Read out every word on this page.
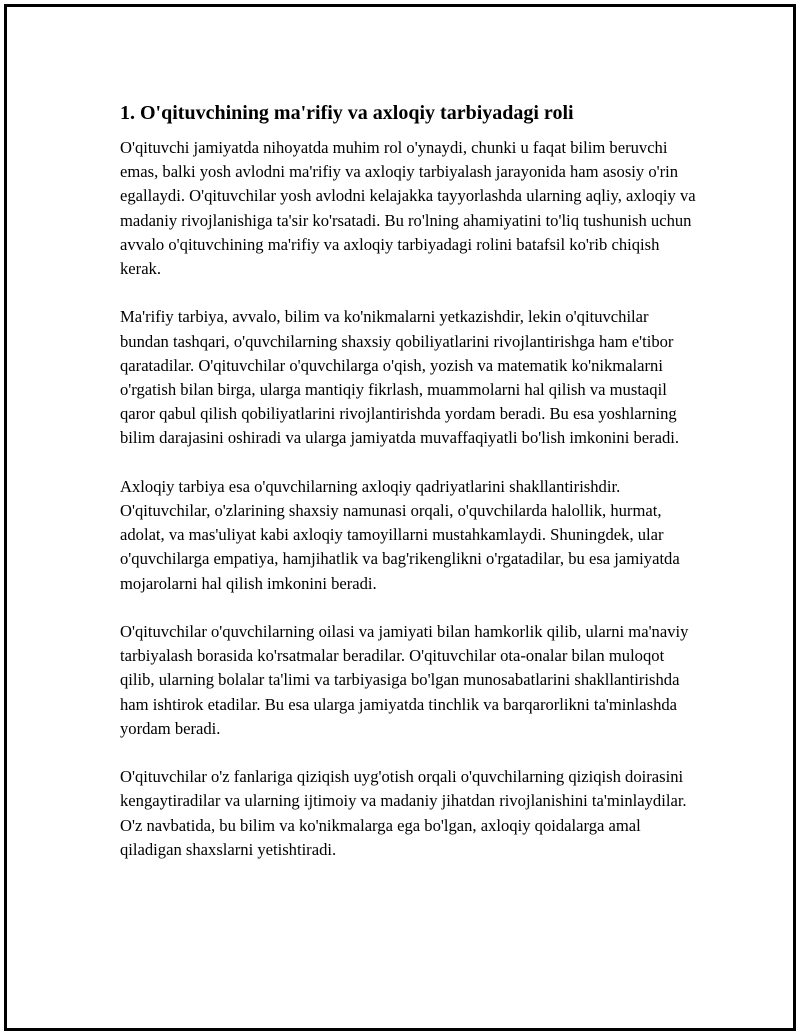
1. O'qituvchining ma'rifiy va axloqiy tarbiyadagi roli

O'qituvchi jamiyatda nihoyatda muhim rol o'ynaydi, chunki u faqat bilim beruvchi emas, balki yosh avlodni ma'rifiy va axloqiy tarbiyalash jarayonida ham asosiy o'rin egallaydi. O'qituvchilar yosh avlodni kelajakka tayyorlashda ularning aqliy, axloqiy va madaniy rivojlanishiga ta'sir ko'rsatadi. Bu ro'lning ahamiyatini to'liq tushunish uchun avvalo o'qituvchining ma'rifiy va axloqiy tarbiyadagi rolini batafsil ko'rib chiqish kerak.

Ma'rifiy tarbiya, avvalo, bilim va ko'nikmalarni yetkazishdir, lekin o'qituvchilar bundan tashqari, o'quvchilarning shaxsiy qobiliyatlarini rivojlantirishga ham e'tibor qaratadilar. O'qituvchilar o'quvchilarga o'qish, yozish va matematik ko'nikmalarni o'rgatish bilan birga, ularga mantiqiy fikrlash, muammolarni hal qilish va mustaqil qaror qabul qilish qobiliyatlarini rivojlantirishda yordam beradi. Bu esa yoshlarning bilim darajasini oshiradi va ularga jamiyatda muvaffaqiyatli bo'lish imkonini beradi.

Axloqiy tarbiya esa o'quvchilarning axloqiy qadriyatlarini shakllantirishdir. O'qituvchilar, o'zlarining shaxsiy namunasi orqali, o'quvchilarda halollik, hurmat, adolat, va mas'uliyat kabi axloqiy tamoyillarni mustahkamlaydi. Shuningdek, ular o'quvchilarga empatiya, hamjihatlik va bag'rikenglikni o'rgatadilar, bu esa jamiyatda mojarolarni hal qilish imkonini beradi.

O'qituvchilar o'quvchilarning oilasi va jamiyati bilan hamkorlik qilib, ularni ma'naviy tarbiyalash borasida ko'rsatmalar beradilar. O'qituvchilar ota-onalar bilan muloqot qilib, ularning bolalar ta'limi va tarbiyasiga bo'lgan munosabatlarini shakllantirishda ham ishtirok etadilar. Bu esa ularga jamiyatda tinchlik va barqarorlikni ta'minlashda yordam beradi.

O'qituvchilar o'z fanlariga qiziqish uyg'otish orqali o'quvchilarning qiziqish doirasini kengaytiradilar va ularning ijtimoiy va madaniy jihatdan rivojlanishini ta'minlaydilar. O'z navbatida, bu bilim va ko'nikmalarga ega bo'lgan, axloqiy qoidalarga amal qiladigan shaxslarni yetishtiradi.
